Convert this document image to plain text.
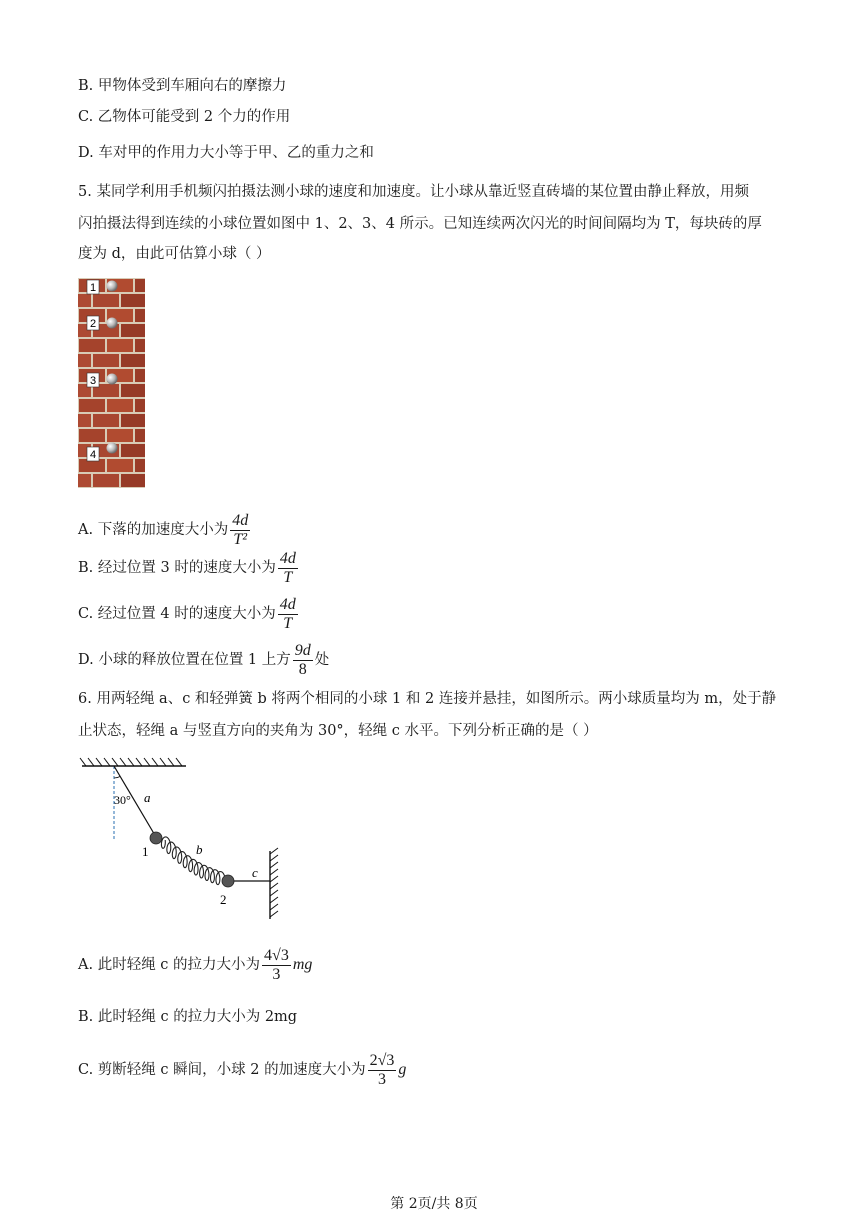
B. 甲物体受到车厢向右的摩擦力
C. 乙物体可能受到 2 个力的作用
D. 车对甲的作用力大小等于甲、乙的重力之和
5. 某同学利用手机频闪拍摄法测小球的速度和加速度。让小球从靠近竖直砖墙的某位置由静止释放，用频
闪拍摄法得到连续的小球位置如图中 1、2、3、4 所示。已知连续两次闪光的时间间隔均为 T，每块砖的厚
度为 d，由此可估算小球（ ）
1
2
3
4
A. 下落的加速度大小为 $\frac{4d}{\text{T²}}$
B. 经过位置 3 时的速度大小为 $\frac{4d}{T}$
C. 经过位置 4 时的速度大小为 $\frac{4d}{T}$
D. 小球的释放位置在位置 1 上方 $\frac{9d}{8}$ 处
6. 用两轻绳 a、c 和轻弹簧 b 将两个相同的小球 1 和 2 连接并悬挂，如图所示。两小球质量均为 m，处于静
止状态，轻绳 a 与竖直方向的夹角为 30°，轻绳 c 水平。下列分析正确的是（ ）
30° a
b
c
1
2
A. 此时轻绳 c 的拉力大小为 $\frac{4√3}{3}$ mg
B. 此时轻绳 c 的拉力大小为 2mg
C. 剪断轻绳 c 瞬间，小球 2 的加速度大小为 $\frac{2√3}{3}$ g
第 2页/共 8页
